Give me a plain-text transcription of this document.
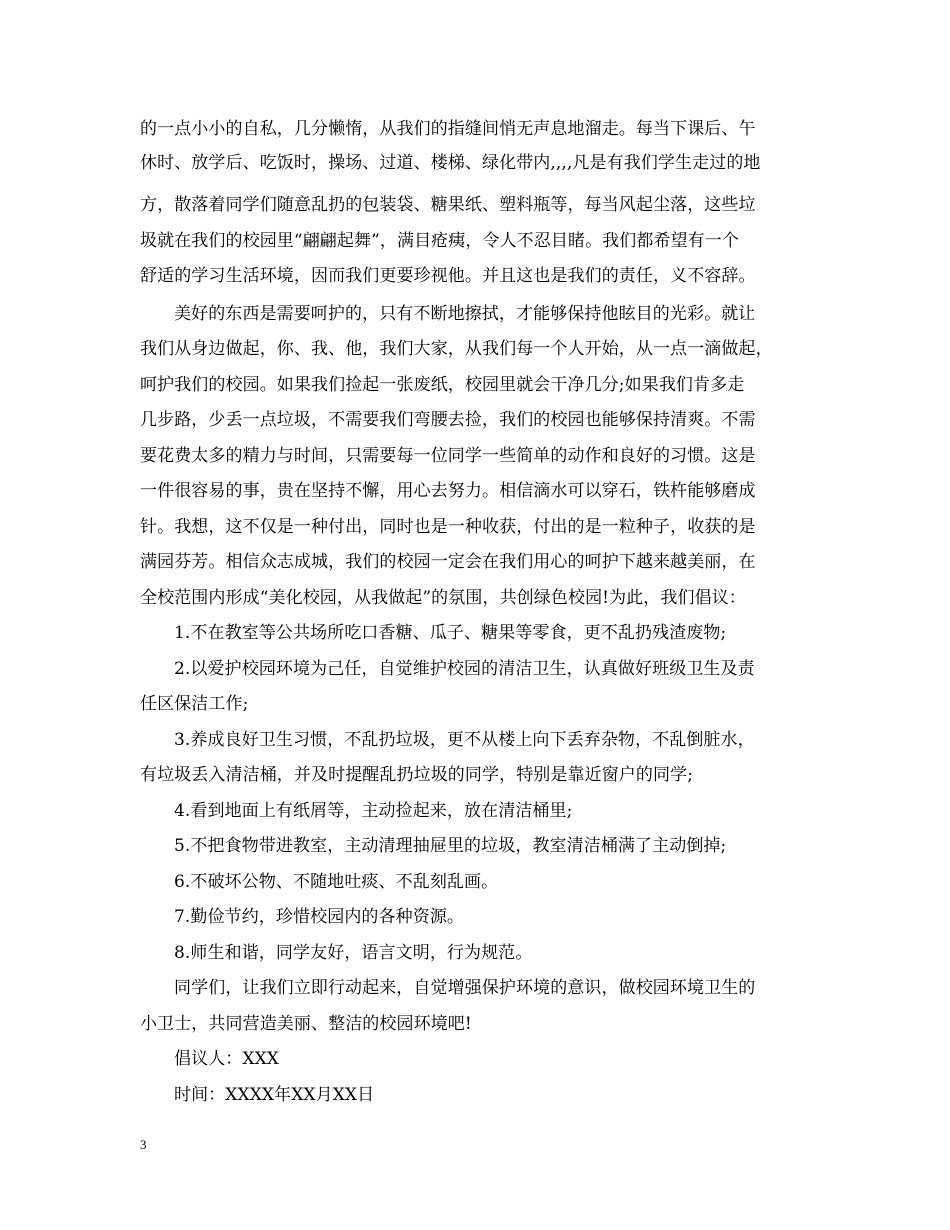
的一点小小的自私，几分懒惰，从我们的指缝间悄无声息地溜走。每当下课后、午
休时、放学后、吃饭时，操场、过道、楼梯、绿化带内,,,,凡是有我们学生走过的地
方，散落着同学们随意乱扔的包装袋、糖果纸、塑料瓶等，每当风起尘落，这些垃
圾就在我们的校园里“翩翩起舞”，满目疮痍，令人不忍目睹。我们都希望有一个
舒适的学习生活环境，因而我们更要珍视他。并且这也是我们的责任，义不容辞。
美好的东西是需要呵护的，只有不断地擦拭，才能够保持他眩目的光彩。就让
我们从身边做起，你、我、他，我们大家，从我们每一个人开始，从一点一滴做起，
呵护我们的校园。如果我们捡起一张废纸，校园里就会干净几分;如果我们肯多走
几步路，少丢一点垃圾，不需要我们弯腰去捡，我们的校园也能够保持清爽。不需
要花费太多的精力与时间，只需要每一位同学一些简单的动作和良好的习惯。这是
一件很容易的事，贵在坚持不懈，用心去努力。相信滴水可以穿石，铁杵能够磨成
针。我想，这不仅是一种付出，同时也是一种收获，付出的是一粒种子，收获的是
满园芬芳。相信众志成城，我们的校园一定会在我们用心的呵护下越来越美丽，在
全校范围内形成“美化校园，从我做起”的氛围，共创绿色校园!为此，我们倡议：
1.不在教室等公共场所吃口香糖、瓜子、糖果等零食，更不乱扔残渣废物;
2.以爱护校园环境为己任，自觉维护校园的清洁卫生，认真做好班级卫生及责
任区保洁工作;
3.养成良好卫生习惯，不乱扔垃圾，更不从楼上向下丢弃杂物，不乱倒脏水，
有垃圾丢入清洁桶，并及时提醒乱扔垃圾的同学，特别是靠近窗户的同学;
4.看到地面上有纸屑等，主动捡起来，放在清洁桶里;
5.不把食物带进教室，主动清理抽屉里的垃圾，教室清洁桶满了主动倒掉;
6.不破坏公物、不随地吐痰、不乱刻乱画。
7.勤俭节约，珍惜校园内的各种资源。
8.师生和谐，同学友好，语言文明，行为规范。
同学们，让我们立即行动起来，自觉增强保护环境的意识，做校园环境卫生的
小卫士，共同营造美丽、整洁的校园环境吧!
倡议人：XXX
时间：XXXX年XX月XX日
3
